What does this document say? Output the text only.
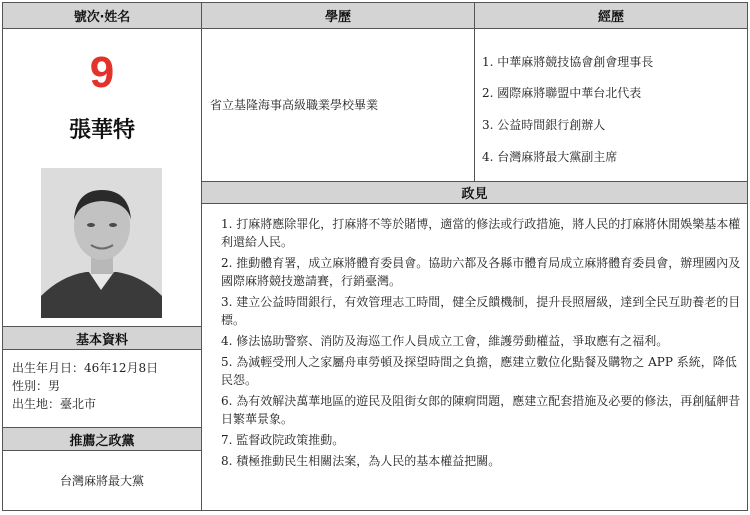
號次‧姓名	學歷	經歷
9
張華特
基本資料
出生年月日：46年12月8日
性別：男
出生地：臺北市
推薦之政黨
台灣麻將最大黨
省立基隆海事高級職業學校畢業
1. 中華麻將競技協會創會理事長
2. 國際麻將聯盟中華台北代表
3. 公益時間銀行創辦人
4. 台灣麻將最大黨副主席
政見
1. 打麻將應除罪化，打麻將不等於賭博，適當的修法或行政措施，將人民的打麻將休閒娛樂基本權利還給人民。
2. 推動體育署，成立麻將體育委員會。協助六都及各縣市體育局成立麻將體育委員會，辦理國內及國際麻將競技邀請賽，行銷臺灣。
3. 建立公益時間銀行，有效管理志工時間，健全反饋機制，提升長照層級，達到全民互助養老的目標。
4. 修法協助警察、消防及海巡工作人員成立工會，維護勞動權益，爭取應有之福利。
5. 為減輕受刑人之家屬舟車勞頓及探望時間之負擔，應建立數位化點餐及購物之 APP 系統，降低民怨。
6. 為有效解決萬華地區的遊民及阻街女郎的陳痾問題，應建立配套措施及必要的修法，再創艋舺昔日繁華景象。
7. 監督政院政策推動。
8. 積極推動民生相關法案，為人民的基本權益把關。
